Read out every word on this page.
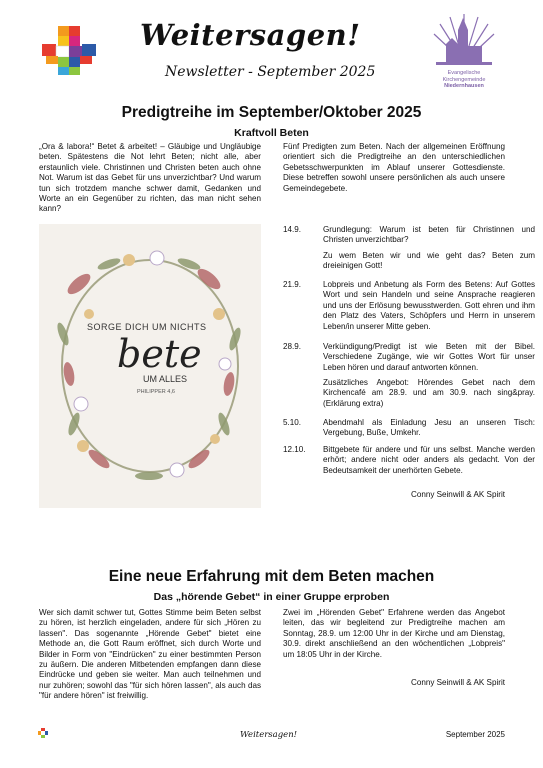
Weitersagen!
Newsletter - September 2025	Evangelische
Kirchengemeinde
Niedernhausen
Predigtreihe im September/Oktober 2025
Kraftvoll Beten
„Ora & labora!“ Betet & arbeitet! – Gläubige und Ungläubige beten. Spätestens die Not lehrt Beten; nicht alle, aber erstaunlich viele. Christinnen und Christen beten auch ohne Not. Warum ist das Gebet für uns unverzichtbar? Und warum tun sich trotzdem manche schwer damit, Gedanken und Worte an ein Gegenüber zu richten, das man nicht sehen kann?
Fünf Predigten zum Beten. Nach der allgemeinen Eröffnung orientiert sich die Predigtreihe an den unterschiedlichen Gebetsschwerpunkten im Ablauf unserer Gottesdienste. Diese betreffen sowohl unsere persönlichen als auch unsere Gemeindegebete.
SORGE DICH UM NICHTS
bete
UM ALLES
PHILIPPER 4,6
14.9.	Grundlegung: Warum ist beten für Christinnen und Christen unverzichtbar?
Zu wem Beten wir und wie geht das? Beten zum dreieinigen Gott!
21.9.	Lobpreis und Anbetung als Form des Betens: Auf Gottes Wort und sein Handeln und seine Ansprache reagieren und uns der Erlösung bewusstwerden. Gott ehren und ihm den Platz des Vaters, Schöpfers und Herrn in unserem Leben/in unserer Mitte geben.
28.9.	Verkündigung/Predigt ist wie Beten mit der Bibel. Verschiedene Zugänge, wie wir Gottes Wort für unser Leben hören und darauf antworten können.
Zusätzliches Angebot: Hörendes Gebet nach dem Kirchencafé am 28.9. und am 30.9. nach sing&pray. (Erklärung extra)
5.10.	Abendmahl als Einladung Jesu an unseren Tisch: Vergebung, Buße, Umkehr.
12.10.	Bittgebete für andere und für uns selbst. Manche werden erhört; andere nicht oder anders als gedacht. Von der Bedeutsamkeit der unerhörten Gebete.
Conny Seinwill & AK Spirit
Eine neue Erfahrung mit dem Beten machen
Das „hörende Gebet“ in einer Gruppe erproben
Wer sich damit schwer tut, Gottes Stimme beim Beten selbst zu hören, ist herzlich eingeladen, andere für sich „Hören zu lassen". Das sogenannte „Hörende Gebet" bietet eine Methode an, die Gott Raum eröffnet, sich durch Worte und Bilder in Form von "Eindrücken" zu einer bestimmten Person zu äußern. Die anderen Mitbetenden empfangen dann diese Eindrücke und geben sie weiter. Man auch teilnehmen und nur zuhören; sowohl das "für sich hören lassen", als auch das "für andere hören" ist freiwillig.
Zwei im „Hörenden Gebet" Erfahrene werden das Angebot leiten, das wir begleitend zur Predigtreihe machen am Sonntag, 28.9. um 12:00 Uhr in der Kirche und am Dienstag, 30.9. direkt anschließend an den wöchentlichen „Lobpreis" um 18:05 Uhr in der Kirche.
Conny Seinwill & AK Spirit
Weitersagen!	September 2025
